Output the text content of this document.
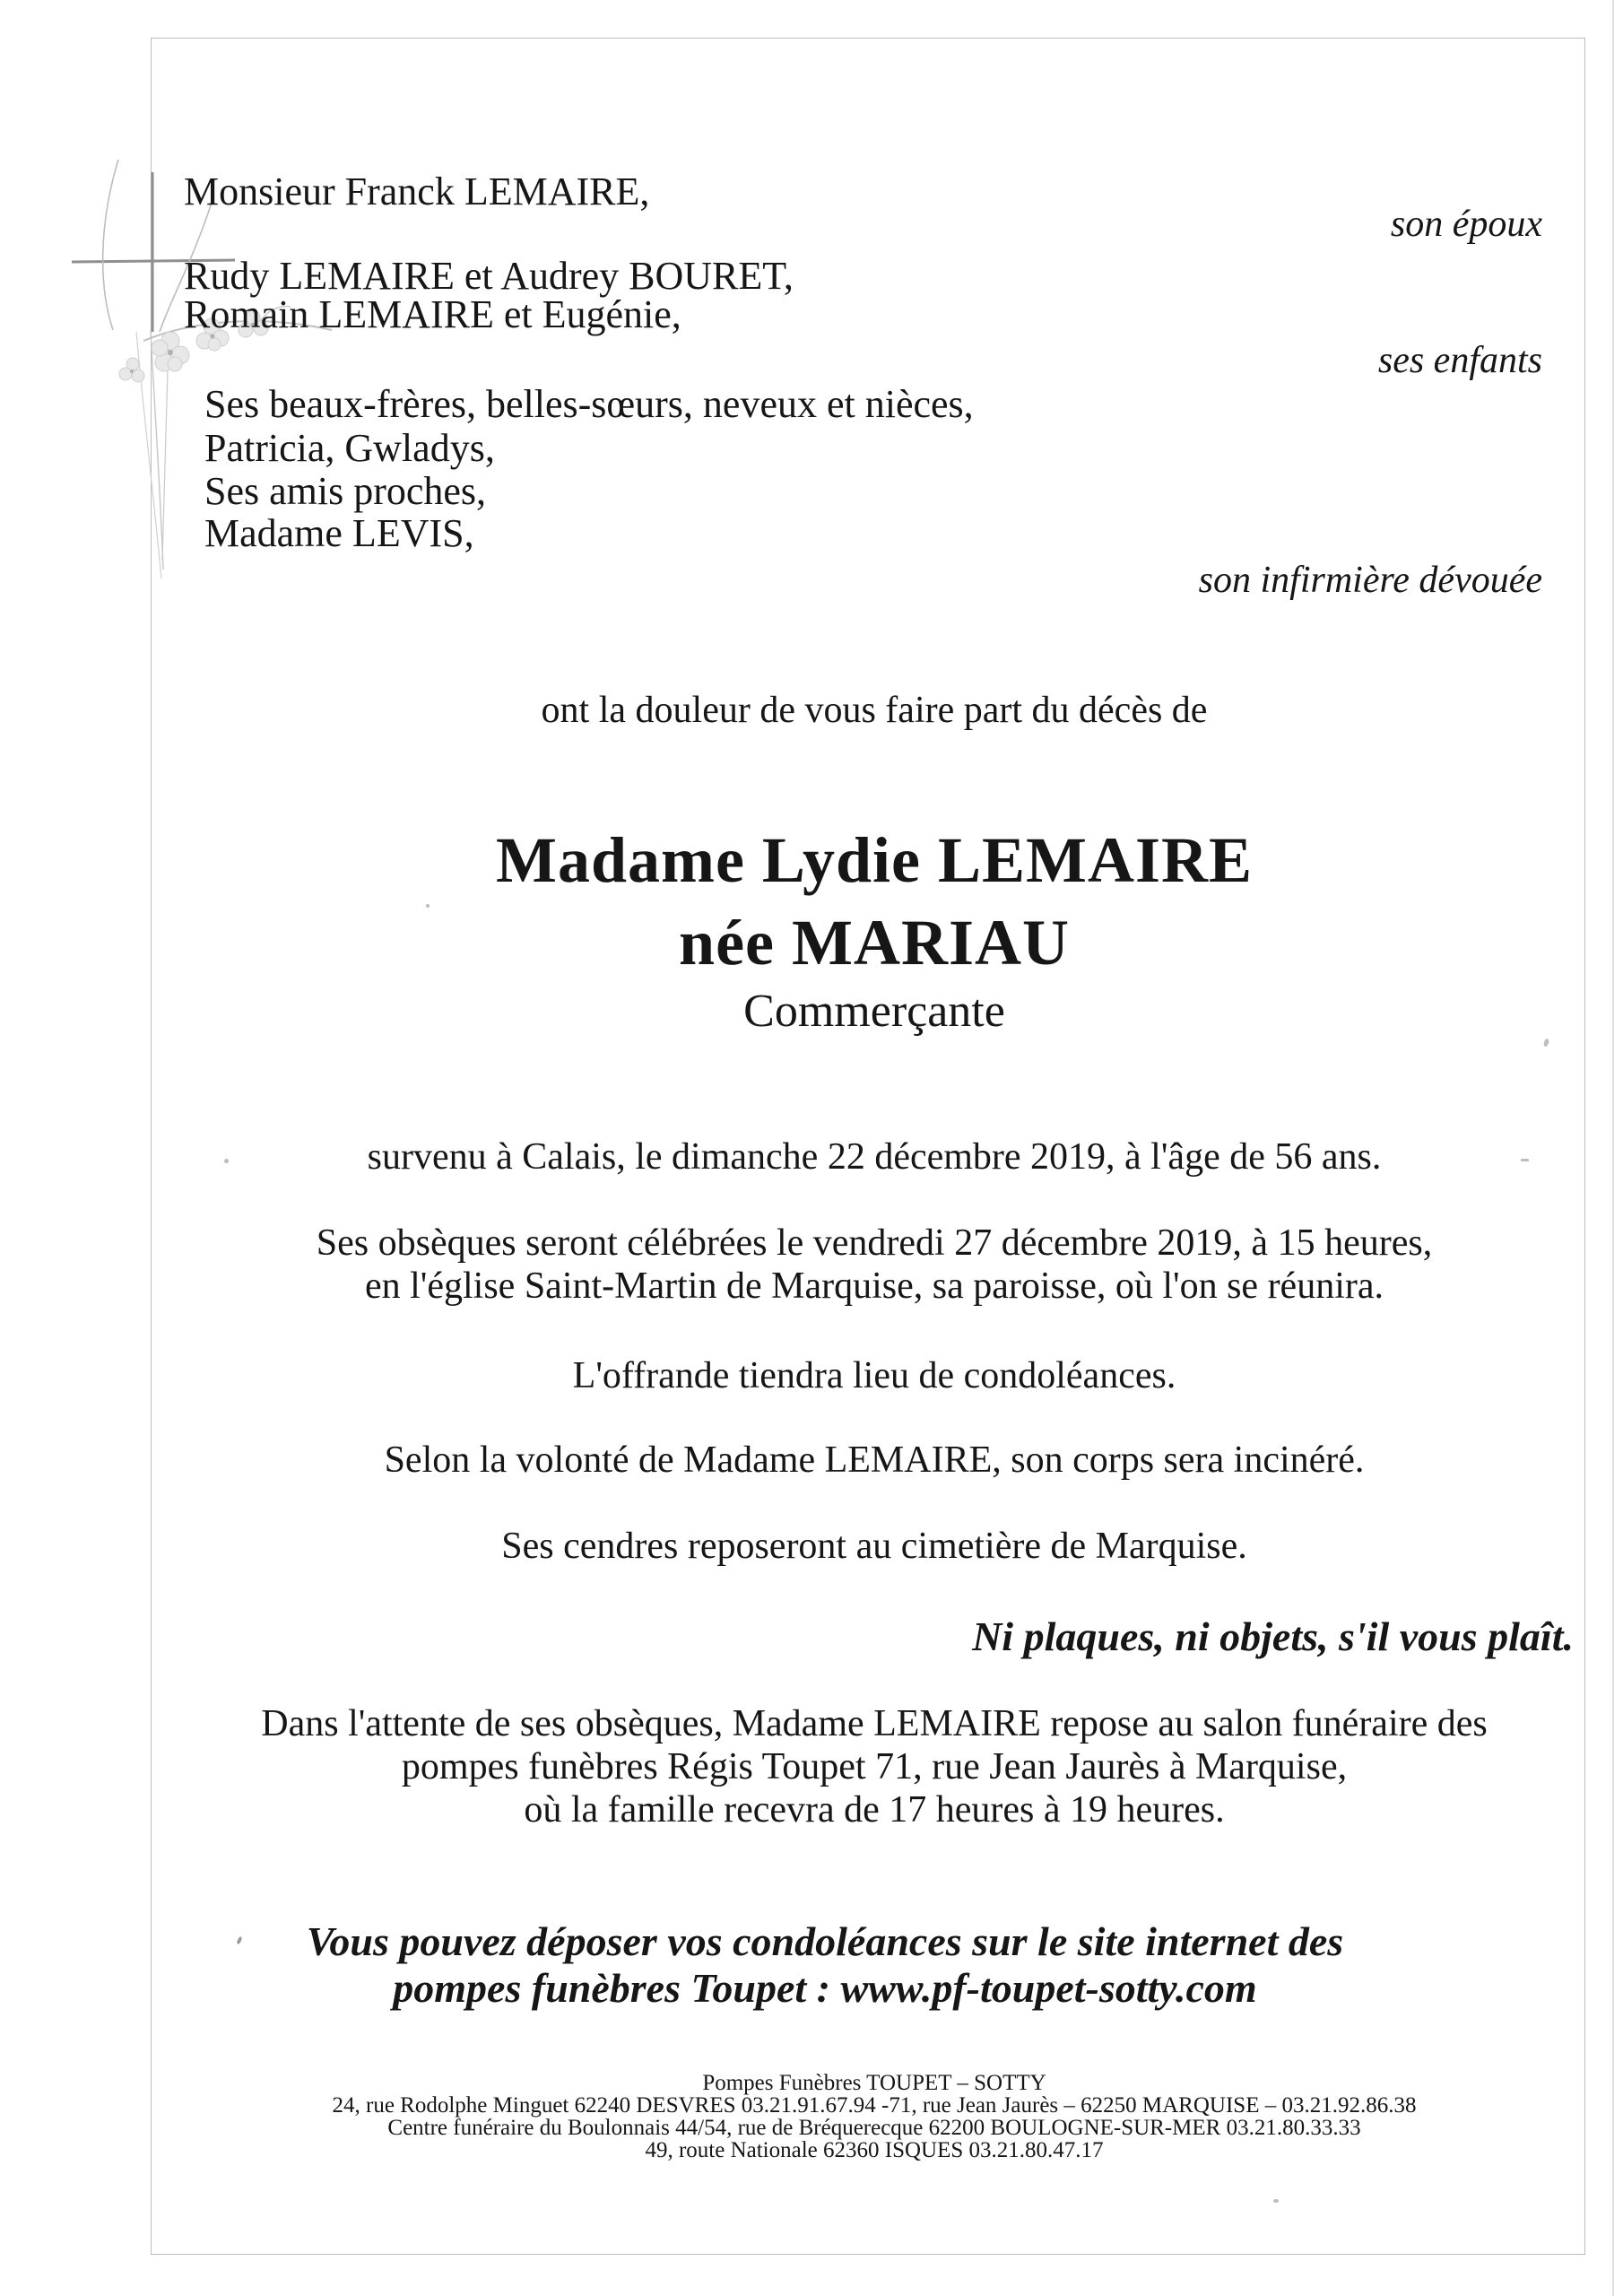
Monsieur Franck LEMAIRE,
son époux
Rudy LEMAIRE et Audrey BOURET,
Romain LEMAIRE et Eugénie,
ses enfants
Ses beaux-frères, belles-sœurs, neveux et nièces,
Patricia, Gwladys,
Ses amis proches,
Madame LEVIS,
son infirmière dévouée
ont la douleur de vous faire part du décès de
Madame Lydie LEMAIRE
née MARIAU
Commerçante
survenu à Calais, le dimanche 22 décembre 2019, à l'âge de 56 ans.
Ses obsèques seront célébrées le vendredi 27 décembre 2019, à 15 heures,
en l'église Saint-Martin de Marquise, sa paroisse, où l'on se réunira.
L'offrande tiendra lieu de condoléances.
Selon la volonté de Madame LEMAIRE, son corps sera incinéré.
Ses cendres reposeront au cimetière de Marquise.
Ni plaques, ni objets, s'il vous plaît.
Dans l'attente de ses obsèques, Madame LEMAIRE repose au salon funéraire des
pompes funèbres Régis Toupet 71, rue Jean Jaurès à Marquise,
où la famille recevra de 17 heures à 19 heures.
Vous pouvez déposer vos condoléances sur le site internet des
pompes funèbres Toupet : www.pf-toupet-sotty.com
Pompes Funèbres TOUPET – SOTTY
24, rue Rodolphe Minguet 62240 DESVRES 03.21.91.67.94 -71, rue Jean Jaurès – 62250 MARQUISE – 03.21.92.86.38
Centre funéraire du Boulonnais 44/54, rue de Bréquerecque 62200 BOULOGNE-SUR-MER 03.21.80.33.33
49, route Nationale 62360 ISQUES 03.21.80.47.17
